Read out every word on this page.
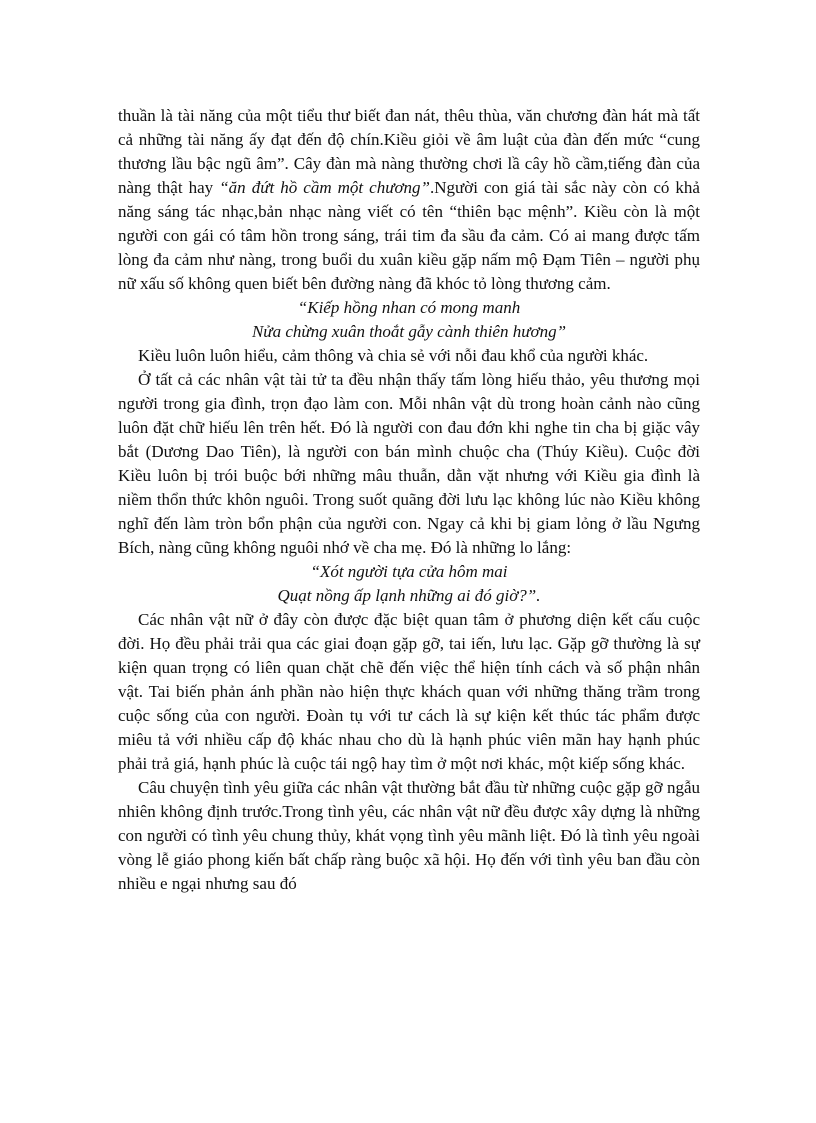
thuần là tài năng của một tiểu thư biết đan nát, thêu thùa, văn chương đàn hát mà tất cả những tài năng ấy đạt đến độ chín.Kiều giỏi về âm luật của đàn đến mức “cung thương lầu bậc ngũ âm”. Cây đàn mà nàng thường chơi lầ cây hồ cầm,tiếng đàn của nàng thật hay “ăn đứt hồ cầm một chương”.Người con giá tài sắc này còn có khả năng sáng tác nhạc,bản nhạc nàng viết có tên “thiên bạc mệnh”. Kiều còn là một người con gái có tâm hồn trong sáng, trái tim đa sầu đa cảm. Có ai mang được tấm lòng đa cảm như nàng, trong buổi du xuân kiều gặp nấm mộ Đạm Tiên – người phụ nữ xấu số không quen biết bên đường nàng đã khóc tỏ lòng thương cảm.

“Kiếp hồng nhan có mong manh
Nửa chừng xuân thoắt gẫy cành thiên hương”

Kiều luôn luôn hiểu, cảm thông và chia sẻ với nỗi đau khổ của người khác.

Ở tất cả các nhân vật tài tử ta đều nhận thấy tấm lòng hiếu thảo, yêu thương mọi người trong gia đình, trọn đạo làm con. Mỗi nhân vật dù trong hoàn cảnh nào cũng luôn đặt chữ hiếu lên trên hết. Đó là người con đau đớn khi nghe tin cha bị giặc vây bắt (Dương Dao Tiên), là người con bán mình chuộc cha (Thúy Kiều). Cuộc đời Kiều luôn bị trói buộc bới những mâu thuẫn, dằn vặt nhưng với Kiều gia đình là niềm thổn thức khôn nguôi. Trong suốt quãng đời lưu lạc không lúc nào Kiều không nghĩ đến làm tròn bổn phận của người con. Ngay cả khi bị giam lỏng ở lầu Ngưng Bích, nàng cũng không nguôi nhớ về cha mẹ. Đó là những lo lắng:

“Xót người tựa cửa hôm mai
Quạt nồng ấp lạnh những ai đó giờ?”.

Các nhân vật nữ ở đây còn được đặc biệt quan tâm ở phương diện kết cấu cuộc đời. Họ đều phải trải qua các giai đoạn gặp gỡ, tai iến, lưu lạc. Gặp gỡ thường là sự kiện quan trọng có liên quan chặt chẽ đến việc thể hiện tính cách và số phận nhân vật. Tai biến phản ánh phần nào hiện thực khách quan với những thăng trầm trong cuộc sống của con người. Đoàn tụ với tư cách là sự kiện kết thúc tác phẩm được miêu tả với nhiều cấp độ khác nhau cho dù là hạnh phúc viên mãn hay hạnh phúc phải trả giá, hạnh phúc là cuộc tái ngộ hay tìm ở một nơi khác, một kiếp sống khác.

Câu chuyện tình yêu giữa các nhân vật thường bắt đầu từ những cuộc gặp gỡ ngẫu nhiên không định trước.Trong tình yêu, các nhân vật nữ đều được xây dựng là những con người có tình yêu chung thủy, khát vọng tình yêu mãnh liệt. Đó là tình yêu ngoài vòng lễ giáo phong kiến bất chấp ràng buộc xã hội. Họ đến với tình yêu ban đầu còn nhiều e ngại nhưng sau đó
